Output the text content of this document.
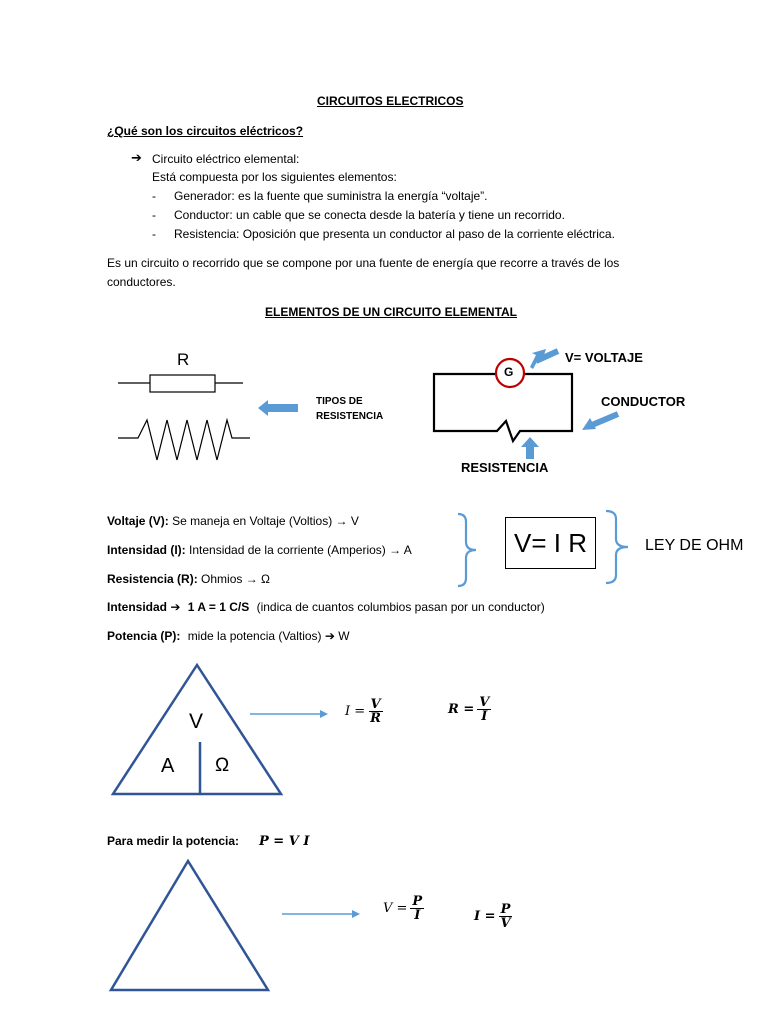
CIRCUITOS ELECTRICOS
¿Qué son los circuitos eléctricos?
➔ Circuito eléctrico elemental:
Está compuesta por los siguientes elementos:
- Generador: es la fuente que suministra la energía “voltaje”.
- Conductor: un cable que se conecta desde la batería y tiene un recorrido.
- Resistencia: Oposición que presenta un conductor al paso de la corriente eléctrica.
Es un circuito o recorrido que se compone por una fuente de energía que recorre a través de los
conductores.
ELEMENTOS DE UN CIRCUITO ELEMENTAL
R
TIPOS DE
RESISTENCIA
G
V= VOLTAJE
CONDUCTOR
RESISTENCIA
Voltaje (V): Se maneja en Voltaje (Voltios) → V
Intensidad (I): Intensidad de la corriente (Amperios) → A
Resistencia (R): Ohmios → Ω
V= I R	LEY DE OHM
Intensidad ➔ 1 A = 1 C/S (indica de cuantos columbios pasan por un conductor)
Potencia (P): mide la potencia (Valtios) ➔ W
V
A Ω
$I = \frac{V}{R}$	$R = \frac{V}{I}$
Para medir la potencia: P = V I
$V = \frac{P}{I}$	$I = \frac{P}{V}$
